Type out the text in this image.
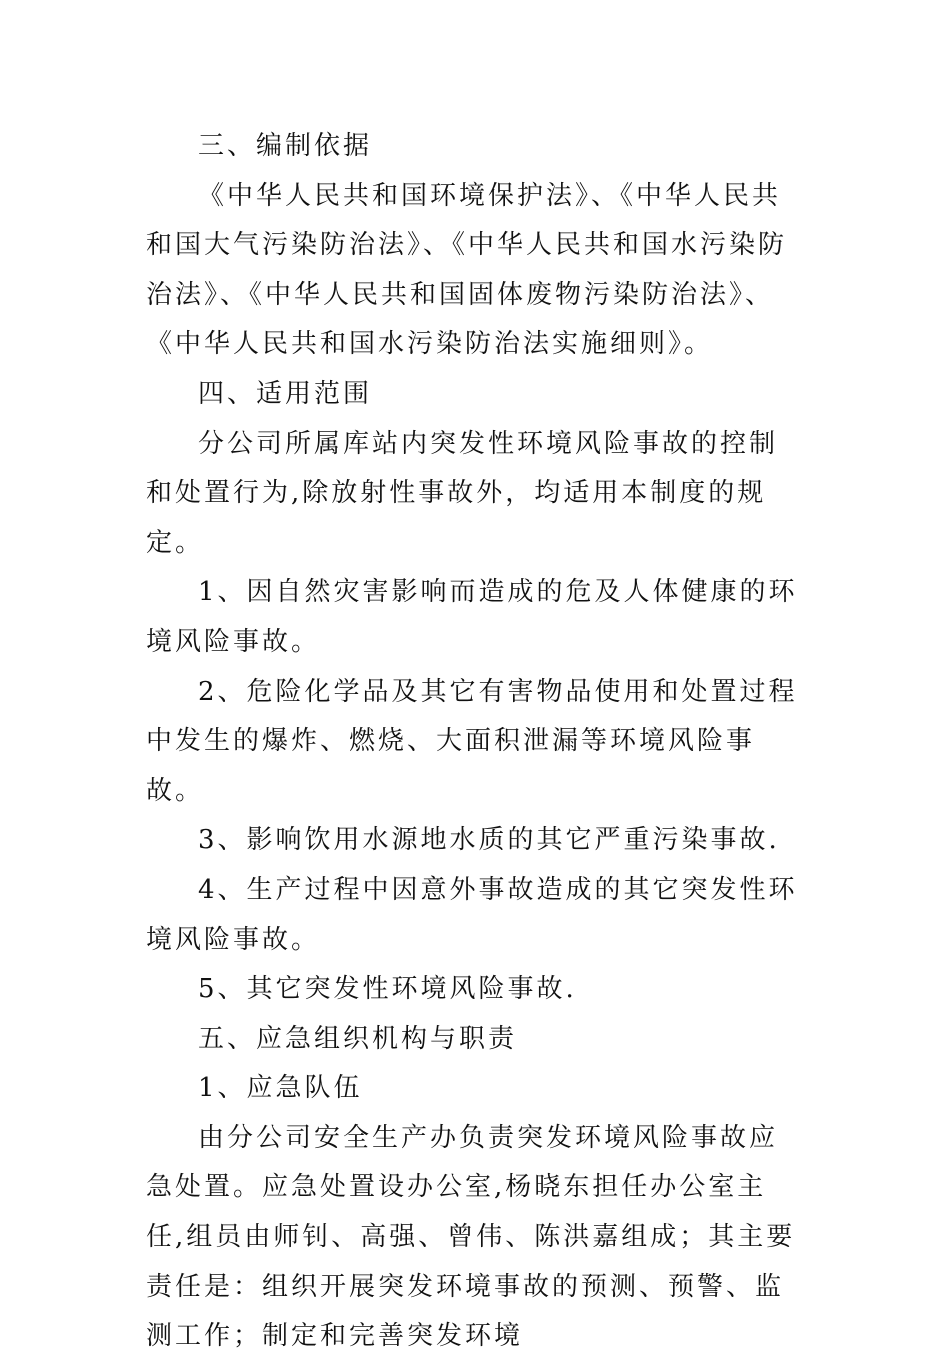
三、编制依据

《中华人民共和国环境保护法》、《中华人民共和国大气污染防治法》、《中华人民共和国水污染防治法》、《中华人民共和国固体废物污染防治法》、《中华人民共和国水污染防治法实施细则》。

四、适用范围

分公司所属库站内突发性环境风险事故的控制和处置行为,除放射性事故外，均适用本制度的规定。

1、因自然灾害影响而造成的危及人体健康的环境风险事故。

2、危险化学品及其它有害物品使用和处置过程中发生的爆炸、燃烧、大面积泄漏等环境风险事故。

3、影响饮用水源地水质的其它严重污染事故.

4、生产过程中因意外事故造成的其它突发性环境风险事故。

5、其它突发性环境风险事故.

五、应急组织机构与职责

1、应急队伍

由分公司安全生产办负责突发环境风险事故应急处置。应急处置设办公室,杨晓东担任办公室主任,组员由师钊、高强、曾伟、陈洪嘉组成；其主要责任是：组织开展突发环境事故的预测、预警、监测工作；制定和完善突发环境
